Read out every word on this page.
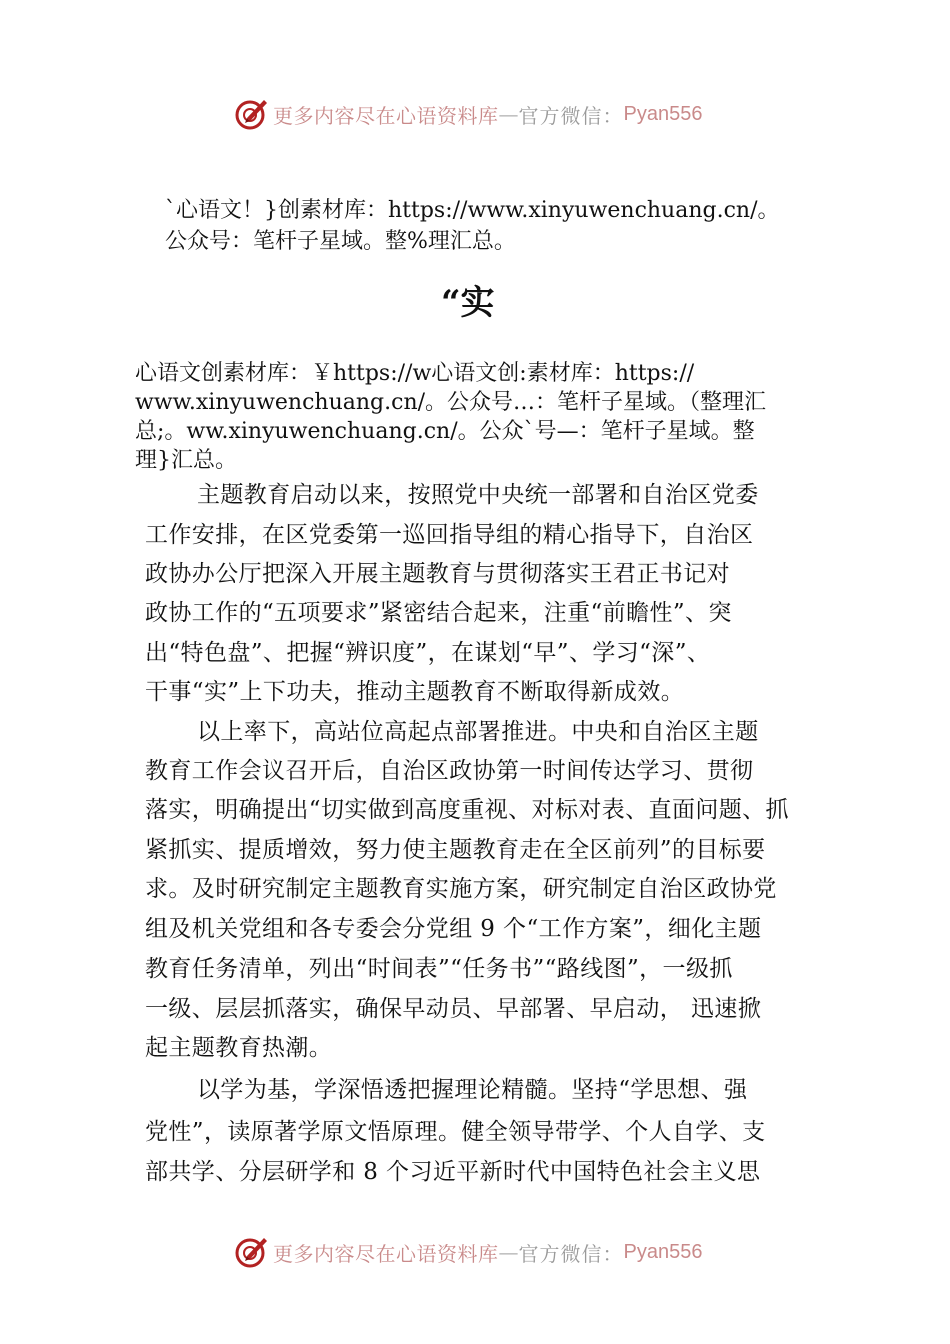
更多内容尽在心语资料库 — 官方微信： Pyan556
`心语文！}创素材库：https://www.xinyuwenchuang.cn/。
公众号：笔杆子星域。整%理汇总。
“实
心语文创素材库：￥https://w心语文创:素材库：https://
www.xinyuwenchuang.cn/。公众号…：笔杆子星域。（整理汇
总;。ww.xinyuwenchuang.cn/。公众`号—：笔杆子星域。整
理}汇总。
主题教育启动以来，按照党中央统一部署和自治区党委
工作安排，在区党委第一巡回指导组的精心指导下，自治区
政协办公厅把深入开展主题教育与贯彻落实王君正书记对
政协工作的“五项要求”紧密结合起来，注重“前瞻性”、突
出“特色盘”、把握“辨识度”，在谋划“早”、学习“深”、
干事“实”上下功夫，推动主题教育不断取得新成效。
以上率下，高站位高起点部署推进。中央和自治区主题
教育工作会议召开后，自治区政协第一时间传达学习、贯彻
落实，明确提出“切实做到高度重视、对标对表、直面问题、抓
紧抓实、提质增效，努力使主题教育走在全区前列”的目标要
求。及时研究制定主题教育实施方案，研究制定自治区政协党
组及机关党组和各专委会分党组 9 个“工作方案”，细化主题
教育任务清单，列出“时间表”“任务书”“路线图”，一级抓
一级、层层抓落实，确保早动员、早部署、早启动， 迅速掀
起主题教育热潮。
以学为基，学深悟透把握理论精髓。坚持“学思想、强
党性”，读原著学原文悟原理。健全领导带学、个人自学、支
部共学、分层研学和 8 个习近平新时代中国特色社会主义思
更多内容尽在心语资料库 — 官方微信： Pyan556
